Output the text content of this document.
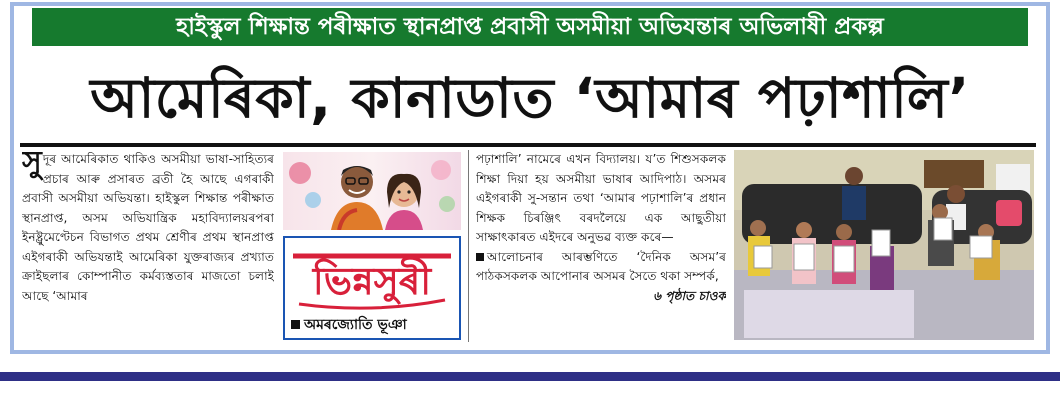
হাইস্কুল শিক্ষান্ত পৰীক্ষাত স্থানপ্ৰাপ্ত প্ৰবাসী অসমীয়া অভিযন্তাৰ অভিলাষী প্ৰকল্প
আমেৰিকা, কানাডাত ‘আমাৰ পঢ়াশালি’
সুদূৰ আমেৰিকাত থাকিও অসমীয়া ভাষা-সাহিত্যৰ প্ৰচাৰ আৰু প্ৰসাৰত ব্ৰতী হৈ আছে এগৰাকী প্ৰবাসী অসমীয়া অভিযন্তা। হাইস্কুল শিক্ষান্ত পৰীক্ষাত স্থানপ্ৰাপ্ত, অসম অভিযান্ত্ৰিক মহাবিদ্যালয়ৰপৰা ইনষ্ট্ৰুমেণ্টেচন বিভাগত প্ৰথম শ্ৰেণীৰ প্ৰথম স্থানপ্ৰাপ্ত এইগৰাকী অভিযন্তাই আমেৰিকা যুক্তৰাজ্যৰ প্ৰখ্যাত ক্ৰাইছলাৰ কোম্পানীত কৰ্মব্যস্ততাৰ মাজতো চলাই আছে ‘আমাৰ	ভিন্নসুৰী
অমৰজ্যোতি ভূঞা

পঢ়াশালি’ নামেৰে এখন বিদ্যালয়। য’ত শিশুসকলক শিক্ষা দিয়া হয় অসমীয়া ভাষাৰ আদিপাঠ। অসমৰ এইগৰাকী সু-সন্তান তথা ‘আমাৰ পঢ়াশালি’ৰ প্ৰধান শিক্ষক চিৰঞ্জিৎ বৰদলৈয়ে এক আছুতীয়া সাক্ষাৎকাৰত এইদৰে অনুভৱ ব্যক্ত কৰে—

আলোচনাৰ আৰম্ভণিতে ‘দৈনিক অসম’ৰ পাঠকসকলক আপোনাৰ অসমৰ সৈতে থকা সম্পৰ্ক,

৬ পৃষ্ঠাত চাওক
